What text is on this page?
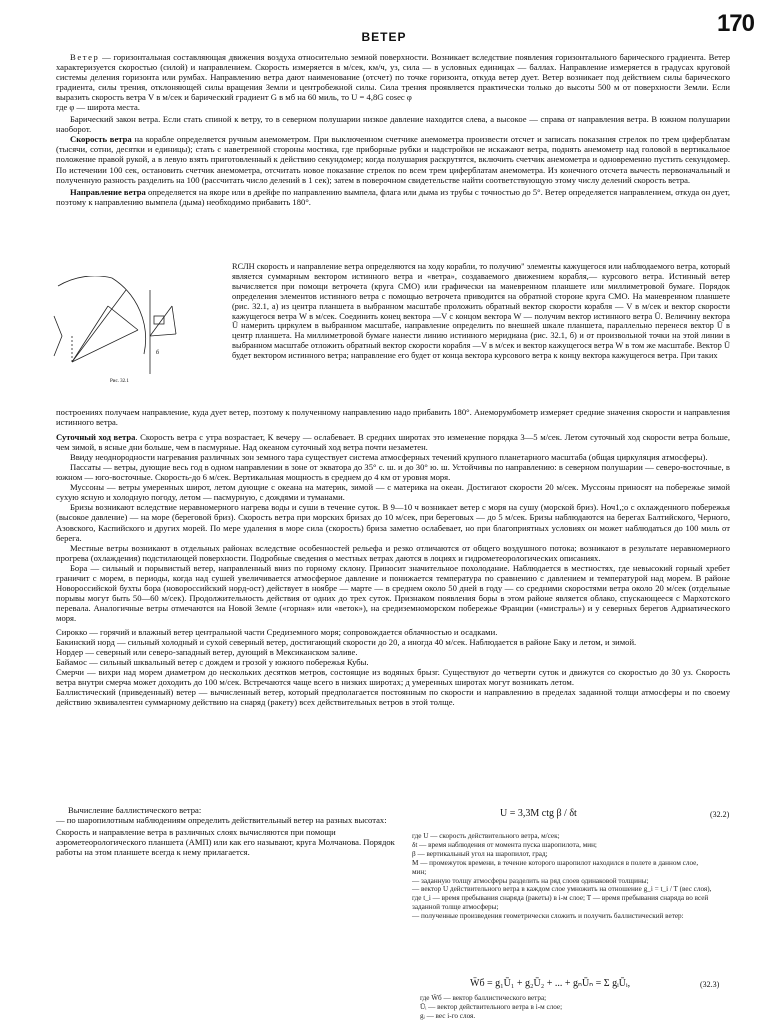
170
ВЕТЕР

Ветер — горизонтальная составляющая движения воздуха относительно земной поверхности. Возникает вследствие появления горизонтального барического градиента. Ветер характеризуется скоростью (силой) и направлением. Скорость измеряется в м/сек, км/ч, уз, сила — в условных единицах — баллах. Направление измеряется в градусах круговой системы деления горизонта или румбах. Направлению ветра дают наименование (отсчет) по точке горизонта, откуда ветер дует. Ветер возникает под действием силы барического градиента, силы трения, отклоняющей силы вращения Земли и центробежной силы. Сила трения проявляется практически только до высоты 500 м от поверхности Земли. Если выразить скорость ветра V в м/сек и барический градиент G в мб на 60 миль, то U = 4,8G cosec φ

где φ — широта места.

Барический закон ветра. Если стать спиной к ветру, то в северном полушарии низкое давление находится слева, а высокое — справа от направления ветра. В южном полушарии наоборот.

Скорость ветра на корабле определяется ручным анемометром. При выключенном счетчике анемометра произвести отсчет и записать показания стрелок по трем циферблатам (тысячи, сотни, десятки и единицы); стать с наветренной стороны мостика, где приборные рубки и надстройки не искажают ветра, поднять анемометр над головой в вертикальное положение правой рукой, а в левую взять приготовленный к действию секундомер; когда полушария раскрутятся, включить счетчик анемометра и одновременно пустить секундомер. По истечении 100 сек, остановить счетчик анемометра, отсчитать новое показание стрелок по всем трем циферблатам анемометра. Из конечного отсчета вычесть первоначальный и полученную разность разделить на 100 (рассчитать число делений в 1 сек); затем в поверочном свидетельстве найти соответствующую этому числу делений скорость ветра.

Направление ветра определяется на якоре или в дрейфе по направлению вымпела, флага или дыма из трубы с точностью до 5°. Ветер определяется направлением, откуда он дует, поэтому к направлению вымпела (дыма) необходимо прибавить 180°.

Рис. 32.1
б

RСЛН скорость и направление ветра определяются на ходу корабли, то получию" элементы кажущегося или наблюдаемого ветра, который является суммарным вектором истинного ветра и «ветра», создаваемого движением корабля,— курсового ветра. Истинный ветер вычисляется при помощи ветрочета (круга СМО) или графически на маневренном планшете или миллиметровой бумаге. Порядок определения элементов истинного ветра с помощью ветрочета приводится на обратной стороне круга СМО. На маневренном планшете (рис. 32.1, а) из центра планшета в выбранном масштабе проложить обратный вектор скорости корабля — V в м/сек и вектор скорости кажущегося ветра W в м/сек. Соединить конец вектора —V с концом вектора W — получим вектор истинного ветра Ū. Величину вектора Ū намерить циркулем в выбранном масштабе, направление определить по внешней шкале планшета, параллельно перенеся вектор Ū в центр планшета. На миллиметровой бумаге нанести линию истинного меридиана (рис. 32.1, б) и от произвольной точки на этой линии в выбранном масштабе отложить обратный вектор скорости корабля —V в м/сек и вектор кажущегося ветра W в том же масштабе. Вектор Ū будет вектором истинного ветра; направление его будет от конца вектора курсового ветра к концу вектора кажущегося ветра. При таких

построениях получаем направление, куда дует ветер, поэтому к полученному направлению надо прибавить 180°. Анеморумбометр измеряет средние значения скорости и направления истинного ветра.

Суточный ход ветра. Скорость ветра с утра возрастает, К вечеру — ослабевает. В средних широтах это изменение порядка 3—5 м/сек. Летом суточный ход скорости ветра больше, чем зимой, в ясные дни больше, чем в пасмурные. Над океаном суточный ход ветра почти незаметен.

Ввиду неоднородности нагревания различных зон земного тара существует система атмосферных течений крупного планетарного масштаба (общая циркуляция атмосферы).

Пассаты — ветры, дующие весь год в одном направлении в зоне от экватора до 35° с. ш. и до 30° ю. ш. Устойчивы по направлению: в северном полушарии — северо-восточные, в южном — юго-восточные. Скорость-до 6 м/сек. Вертикальная мощность в среднем до 4 км от уровня моря.

Муссоны — ветры умеренных широт, летом дующие с океана на материк, зимой — с материка на океан. Достигают скорости 20 м/сек. Муссоны приносят на побережье зимой сухую ясную и холодную погоду, летом — пасмурную, с дождями и туманами.

Бризы возникают вследствие неравномерного нагрева воды и суши в течение суток. В 9—10 ч возникает ветер с моря на сушу (морской бриз). Ноч1,;о с охлажденного побережья (высокое давление) — на море (береговой бриз). Скорость ветра при морских бризах до 10 м/сек, при береговых — до 5 м/сек. Бризы наблюдаются на берегах Балтийского, Черного, Азовского, Каспийского и других морей. По мере удаления в море сила (скорость) бриза заметно ослабевает, но при благоприятных условиях он может наблюдаться до 100 миль от берега.

Местные ветры возникают в отдельных районах вследствие особенностей рельефа и резко отличаются от общего воздушного потока; возникают в результате неравномерного прогрева (охлаждения) подстилающей поверхности. Подробные сведения о местных ветрах даются в лоциях и гидрометеорологических описаниях.

Бора — сильный и порывистый ветер, направленный вниз по горному склону. Приносит значительное похолодание. Наблюдается в местностях, где невысокий горный хребет граничит с морем, в периоды, когда над сушей увеличивается атмосферное давление и понижается температура по сравнению с давлением и температурой над морем. В районе Новороссийской бухты бора (новороссийский норд-ост) действует в ноябре — марте — в среднем около 50 дней в году — со средними скоростями ветра около 20 м/сек (отдельные порывы могут быть 50—60 м/сек). Продолжительность действия от одних до трех суток. Признаком появления боры в этом районе является облако, спускающееся с Мархотского перевала. Аналогичные ветры отмечаются на Новой Земле («горная» или «веток»), на средиземноморском побережье Франции («мистраль») и у северных берегов Адриатического моря.

Сирокко — горячий и влажный ветер центральной части Средиземного моря; сопровождается облачностью и осадками.

Бакинский норд — сильный холодный и сухой северный ветер, достигающий скорости до 20, а иногда 40 м/сек. Наблюдается в районе Баку и летом, и зимой.

Нордер — северный или северо-западный ветер, дующий в Мексиканском заливе.

Байамос — сильный шквальный ветер с дождем и грозой у южного побережья Кубы.

Смерчи — вихри над морем диаметром до нескольких десятков метров, состоящие из водяных брызг. Существуют до четверти суток и движутся со скоростью до 30 уз. Скорость ветра внутри смерча может доходить до 100 м/сек. Встречаются чаще всего в низких широтах; д умеренных широтах могут возникать летом.

Баллистический (приведенный) ветер — вычисленный ветер, который предполагается постоянным по скорости и направлению в пределах заданной толщи атмосферы и по своему действию эквивалентен суммарному действию на снаряд (ракету) всех действительных ветров в этой толще.

Вычисление баллистического ветра:

— по шаропилотным наблюдениям определить действительный ветер на разных высотах:

Скорость и направление ветра в различных слоях вычисляются при помощи аэрометеорологического планшета (АМП) или как его называют, круга Молчанова. Порядок работы на этом планшете всегда к нему прилагается.

U = 3,3M ctg β / δt	(32.2)

где U — скорость действительного ветра, м/сек;

δt — время наблюдения от момента пуска шаропилота, мин;

β — вертикальный угол на шаропилот, град;

M — промежуток времени, в течение которого шаропилот находился в полете в данном слое, мин;

— заданную толщу атмосферы разделить на ряд слоев одинаковой толщины;

— вектор U действительного ветра в каждом слое умножить на отношение g_i = t_i / T (вес слоя), где t_i — время пребывания снаряда (ракеты) в i-м слое; T — время пребывания снаряда во всей заданной толще атмосферы;

— полученные произведения геометрически сложить и получить баллистический ветер:

W̄б = g₁Ū₁ + g₂Ū₂ + ... + gₙŪₙ = Σ gᵢŪᵢ,	(32.3)

где W̄б — вектор баллистического ветра;

Ūᵢ — вектор действительного ветра в i-м слое;

gᵢ — вес i-го слоя.
